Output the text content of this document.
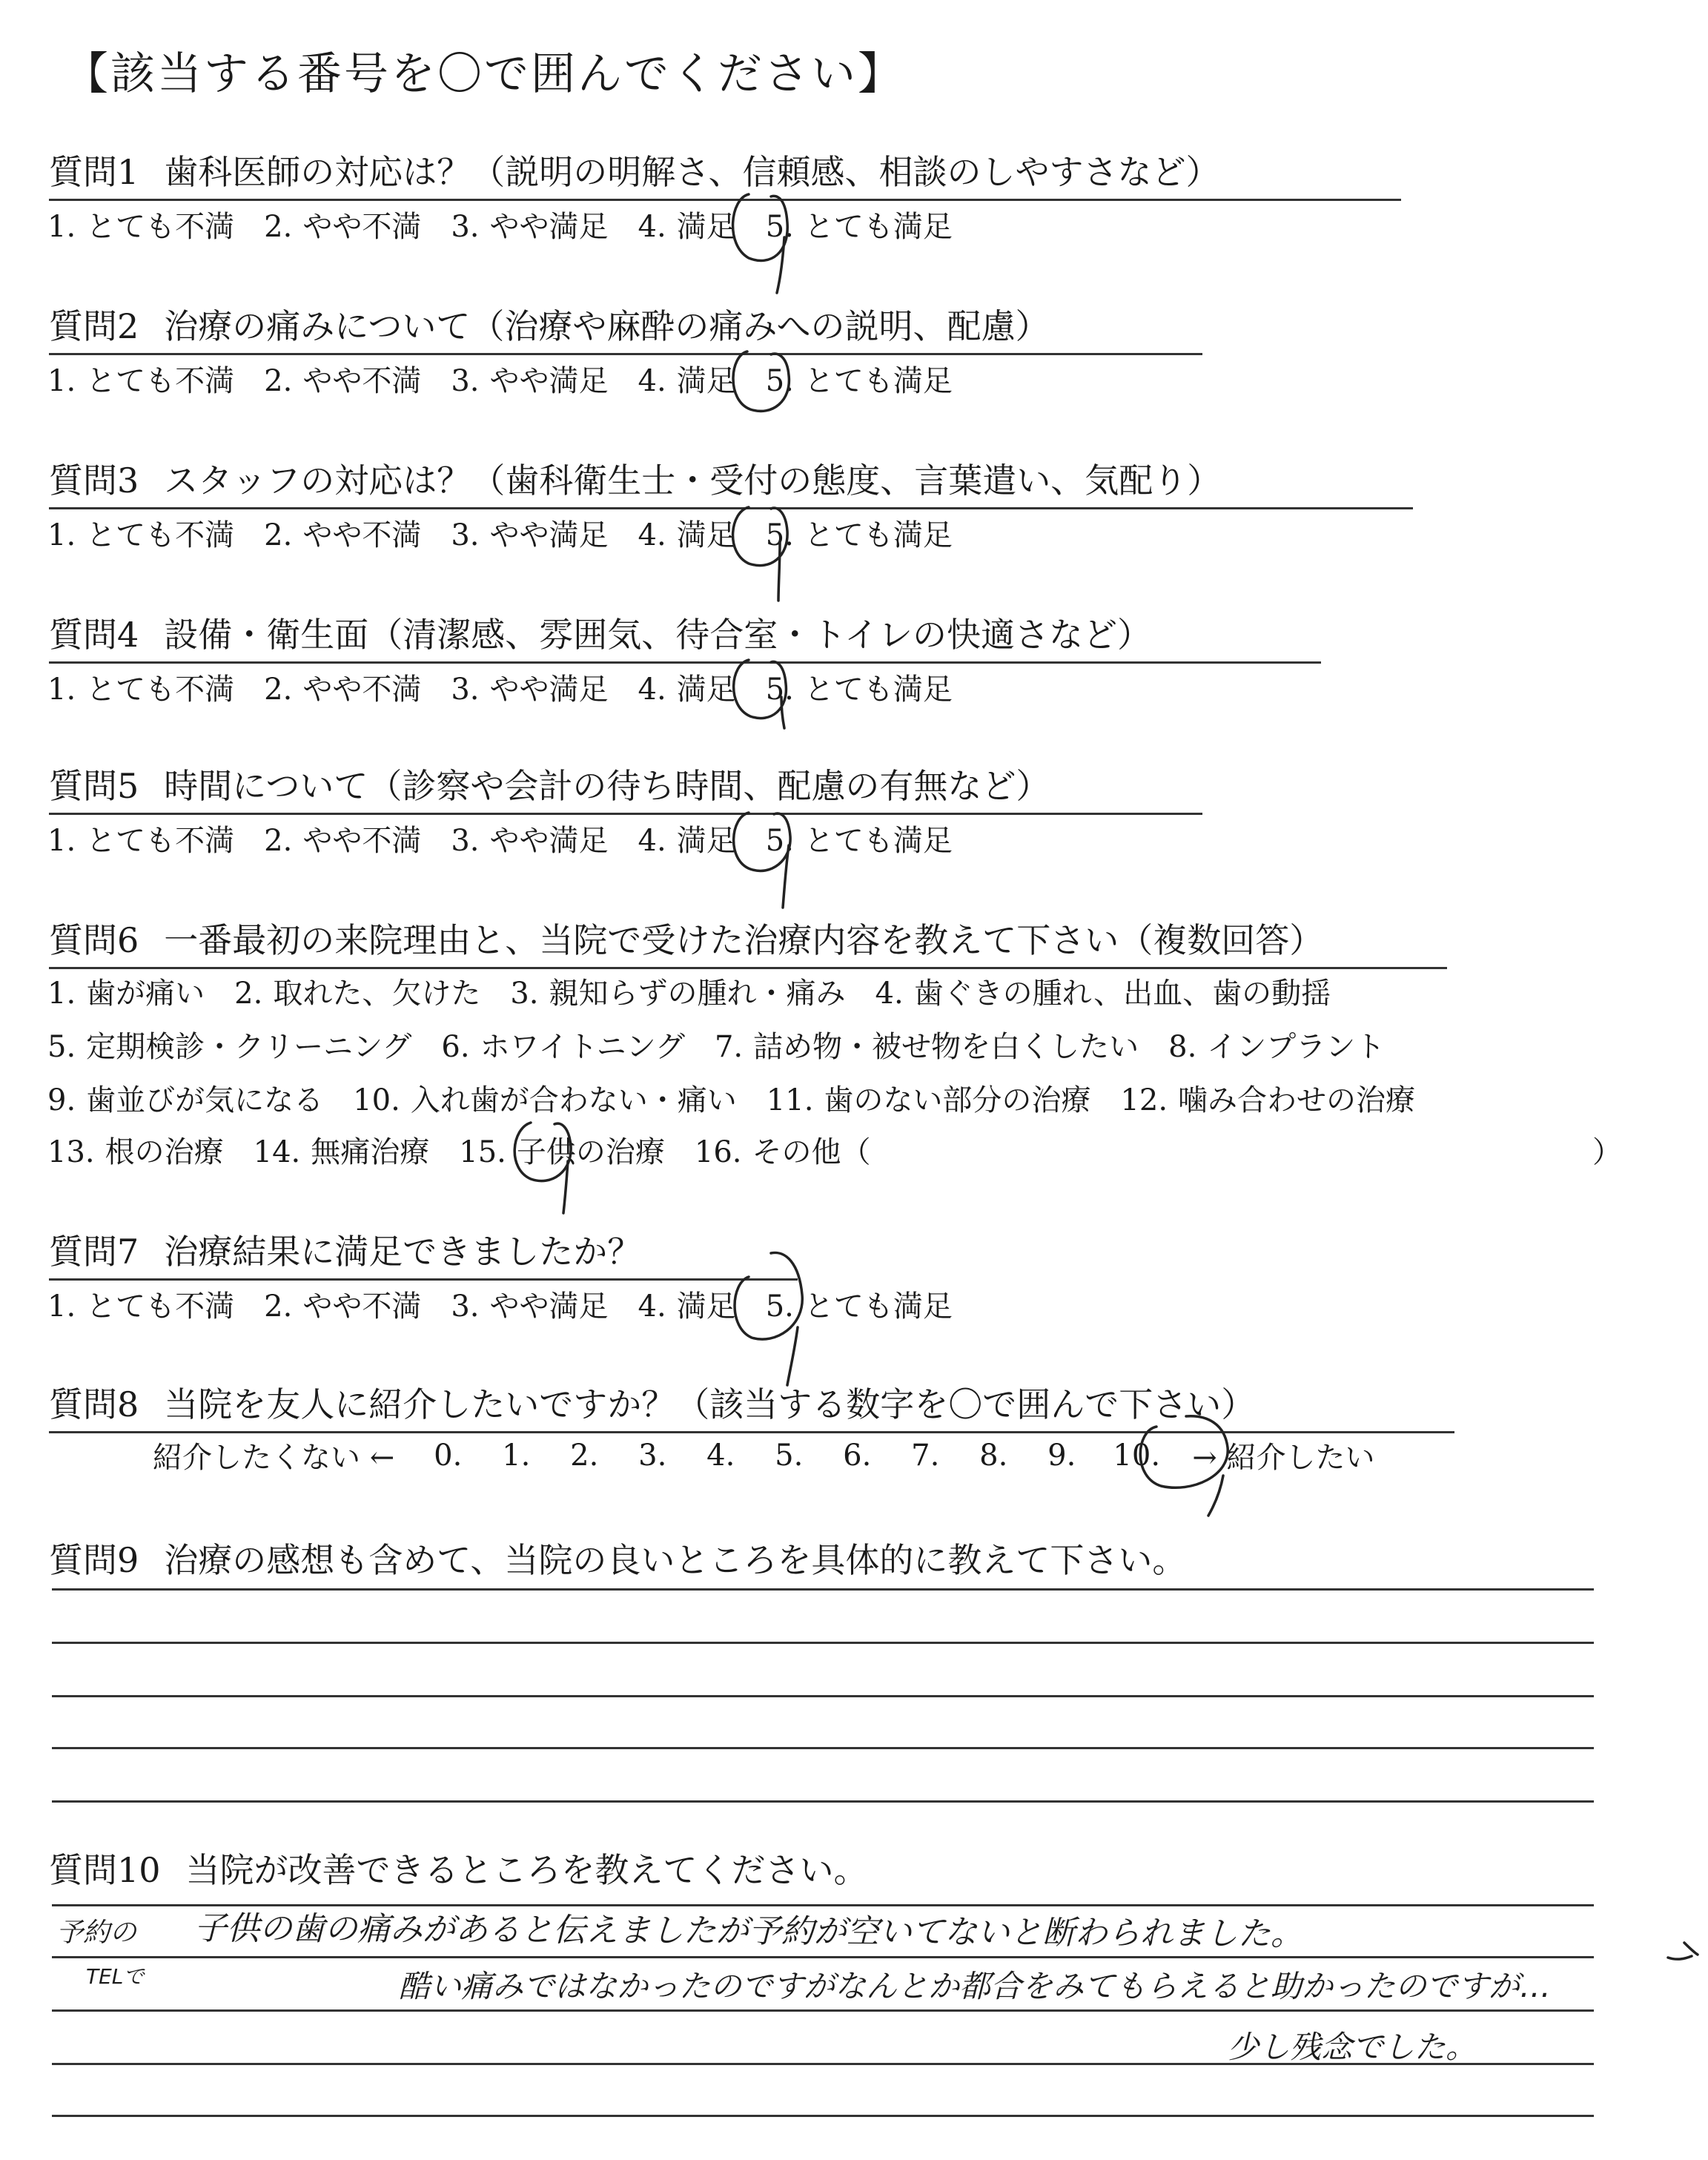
【該当する番号を〇で囲んでください】
質問1 歯科医師の対応は？（説明の明解さ、信頼感、相談のしやすさなど）
1. とても不満 2. やや不満 3. やや満足 4. 満足 5. とても満足
質問2 治療の痛みについて（治療や麻酔の痛みへの説明、配慮）
1. とても不満 2. やや不満 3. やや満足 4. 満足 5. とても満足
質問3 スタッフの対応は？（歯科衛生士・受付の態度、言葉遣い、気配り）
1. とても不満 2. やや不満 3. やや満足 4. 満足 5. とても満足
質問4 設備・衛生面（清潔感、雰囲気、待合室・トイレの快適さなど）
1. とても不満 2. やや不満 3. やや満足 4. 満足 5. とても満足
質問5 時間について（診察や会計の待ち時間、配慮の有無など）
1. とても不満 2. やや不満 3. やや満足 4. 満足 5. とても満足
質問6 一番最初の来院理由と、当院で受けた治療内容を教えて下さい（複数回答）
1. 歯が痛い 2. 取れた、欠けた 3. 親知らずの腫れ・痛み 4. 歯ぐきの腫れ、出血、歯の動揺
5. 定期検診・クリーニング 6. ホワイトニング 7. 詰め物・被せ物を白くしたい 8. インプラント
9. 歯並びが気になる 10. 入れ歯が合わない・痛い 11. 歯のない部分の治療 12. 噛み合わせの治療
13. 根の治療 14. 無痛治療 15. 子供の治療 16. その他（	）
質問7 治療結果に満足できましたか？
1. とても不満 2. やや不満 3. やや満足 4. 満足 5. とても満足
質問8 当院を友人に紹介したいですか？（該当する数字を〇で囲んで下さい）
紹介したくない ←	0.	1.	2.	3.	4.	5.	6.	7.	8.	9.	10.	→ 紹介したい
質問9 治療の感想も含めて、当院の良いところを具体的に教えて下さい。
質問10 当院が改善できるところを教えてください。
予約の 子供の歯の痛みがあると伝えましたが予約が空いてないと断わられました。
TELで	酷い痛みではなかったのですがなんとか都合をみてもらえると助かったのですが…
少し残念でした。
